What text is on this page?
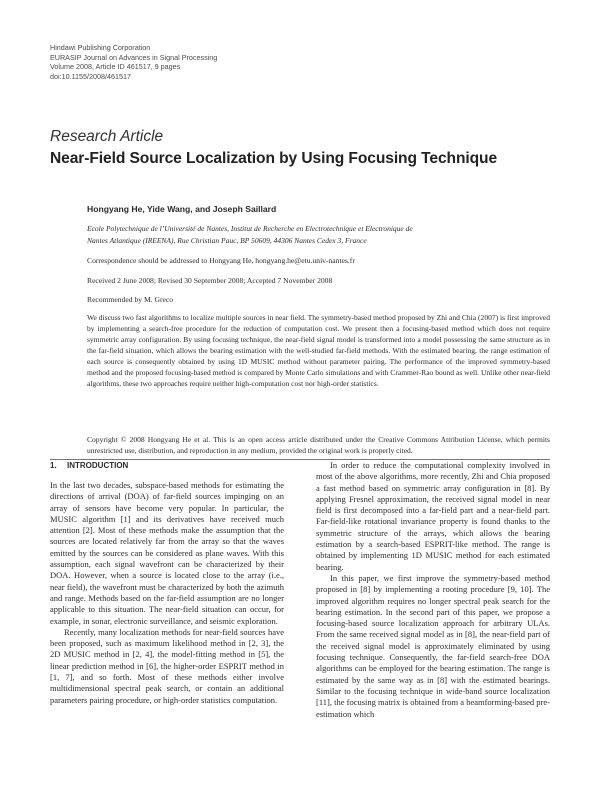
Hindawi Publishing Corporation
EURASIP Journal on Advances in Signal Processing
Volume 2008, Article ID 461517, 9 pages
doi:10.1155/2008/461517
Research Article
Near-Field Source Localization by Using Focusing Technique
Hongyang He, Yide Wang, and Joseph Saillard
Ecole Polytechnique de l’Université de Nantes, Institut de Recherche en Electrotechnique et Electronique de
Nantes Atlantique (IREENA), Rue Christian Pauc, BP 50609, 44306 Nantes Cedex 3, France
Correspondence should be addressed to Hongyang He, hongyang.he@etu.univ-nantes.fr
Received 2 June 2008; Revised 30 September 2008; Accepted 7 November 2008
Recommended by M. Greco
We discuss two fast algorithms to localize multiple sources in near field. The symmetry-based method proposed by Zhi and Chia (2007) is first improved by implementing a search-free procedure for the reduction of computation cost. We present then a focusing-based method which does not require symmetric array configuration. By using focusing technique, the near-field signal model is transformed into a model possessing the same structure as in the far-field situation, which allows the bearing estimation with the well-studied far-field methods. With the estimated bearing, the range estimation of each source is consequently obtained by using 1D MUSIC method without parameter pairing. The performance of the improved symmetry-based method and the proposed focusing-based method is compared by Monte Carlo simulations and with Crammer-Rao bound as well. Unlike other near-field algorithms, these two approaches require neither high-computation cost nor high-order statistics.
Copyright © 2008 Hongyang He et al. This is an open access article distributed under the Creative Commons Attribution License, which permits unrestricted use, distribution, and reproduction in any medium, provided the original work is properly cited.

1. INTRODUCTION

In the last two decades, subspace-based methods for estimating the directions of arrival (DOA) of far-field sources impinging on an array of sensors have become very popular. In particular, the MUSIC algorithm [1] and its derivatives have received much attention [2]. Most of these methods make the assumption that the sources are located relatively far from the array so that the waves emitted by the sources can be considered as plane waves. With this assumption, each signal wavefront can be characterized by their DOA. However, when a source is located close to the array (i.e., near field), the wavefront must be characterized by both the azimuth and range. Methods based on the far-field assumption are no longer applicable to this situation. The near-field situation can occur, for example, in sonar, electronic surveillance, and seismic exploration.

Recently, many localization methods for near-field sources have been proposed, such as maximum likelihood method in [2, 3], the 2D MUSIC method in [2, 4], the model-fitting method in [5], the linear prediction method in [6], the higher-order ESPRIT method in [1, 7], and so forth. Most of these methods either involve multidimensional spectral peak search, or contain an additional parameters pairing procedure, or high-order statistics computation.

In order to reduce the computational complexity involved in most of the above algorithms, more recently, Zhi and Chia proposed a fast method based on symmetric array configuration in [8]. By applying Fresnel approximation, the received signal model in near field is first decomposed into a far-field part and a near-field part. Far-field-like rotational invariance property is found thanks to the symmetric structure of the arrays, which allows the bearing estimation by a search-based ESPRIT-like method. The range is obtained by implementing 1D MUSIC method for each estimated bearing.

In this paper, we first improve the symmetry-based method proposed in [8] by implementing a rooting procedure [9, 10]. The improved algorithm requires no longer spectral peak search for the bearing estimation. In the second part of this paper, we propose a focusing-based source localization approach for arbitrary ULAs. From the same received signal model as in [8], the near-field part of the received signal model is approximately eliminated by using focusing technique. Consequently, the far-field search-free DOA algorithms can be employed for the bearing estimation. The range is estimated by the same way as in [8] with the estimated bearings. Similar to the focusing technique in wide-band source localization [11], the focusing matrix is obtained from a beamforming-based pre-estimation which
